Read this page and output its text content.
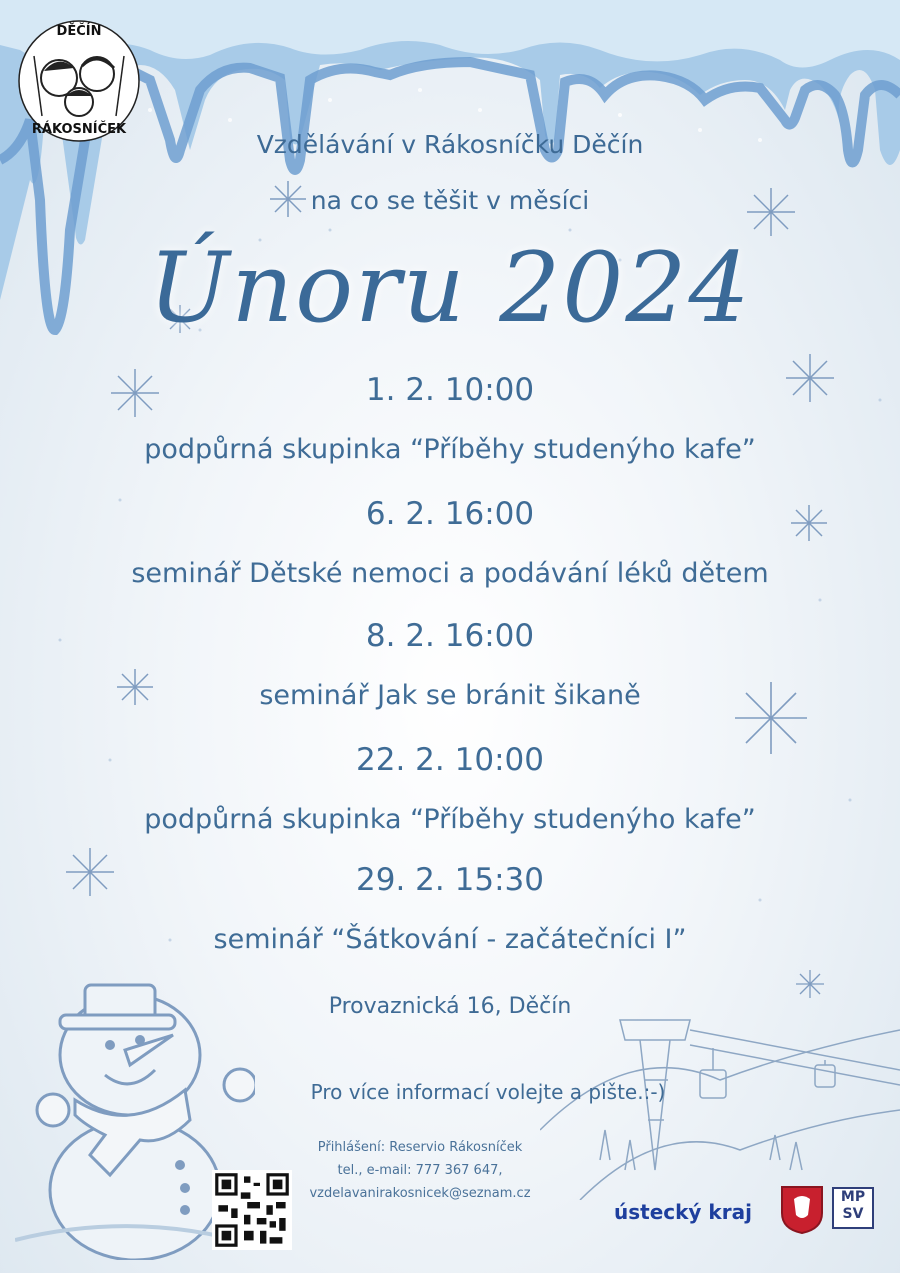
DĚČÍN
RÁKOSNÍČEK
Vzdělávání v Rákosníčku Děčín
na co se těšit v měsíci
Únoru 2024
1. 2. 10:00
podpůrná skupinka “Příběhy studenýho kafe”
6. 2. 16:00
seminář Dětské nemoci a podávání léků dětem
8. 2. 16:00
seminář Jak se bránit šikaně
22. 2. 10:00
podpůrná skupinka “Příběhy studenýho kafe”
29. 2. 15:30
seminář “Šátkování - začátečníci I”
Provaznická 16, Děčín
Pro více informací volejte a pište.:-)
Přihlášení: Reservio Rákosníček
tel., e-mail: 777 367 647,
vzdelavanirakosnicek@seznam.cz
ústecký kraj
MP
SV
